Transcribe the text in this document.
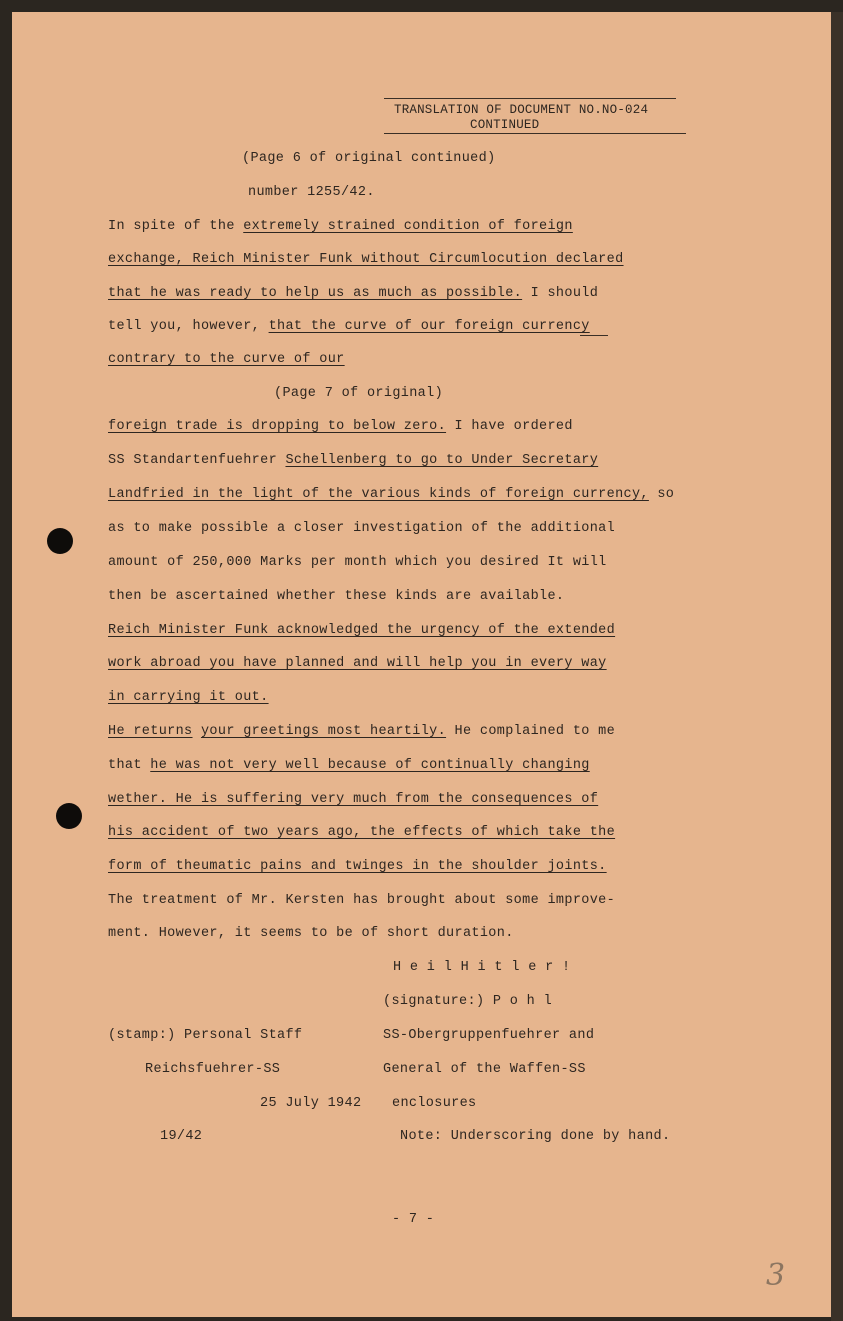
TRANSLATION OF DOCUMENT NO.NO-024
CONTINUED
(Page 6 of original continued)
number 1255/42.
In spite of the extremely strained condition of foreign
exchange, Reich Minister Funk without Circumlocution declared
that he was ready to help us as much as possible. I should
tell you, however, that the curve of our foreign currency
contrary to the curve of our
(Page 7 of original)
foreign trade is dropping to below zero. I have ordered
SS Standartenfuehrer Schellenberg to go to Under Secretary
Landfried in the light of the various kinds of foreign currency, so
as to make possible a closer investigation of the additional
amount of 250,000 Marks per month which you desired It will
then be ascertained whether these kinds are available.
Reich Minister Funk acknowledged the urgency of the extended
work abroad you have planned and will help you in every way
in carrying it out.
He returns your greetings most heartily. He complained to me
that he was not very well because of continually changing
wether. He is suffering very much from the consequences of
his accident of two years ago, the effects of which take the
form of theumatic pains and twinges in the shoulder joints.
The treatment of Mr. Kersten has brought about some improve-
ment. However, it seems to be of short duration.
H e i l H i t l e r !
(signature:) P o h l
(stamp:) Personal Staff	SS-Obergruppenfuehrer and
Reichsfuehrer-SS	General of the Waffen-SS
25 July 1942 enclosures
19/42	Note: Underscoring done by hand.
- 7 -
3
